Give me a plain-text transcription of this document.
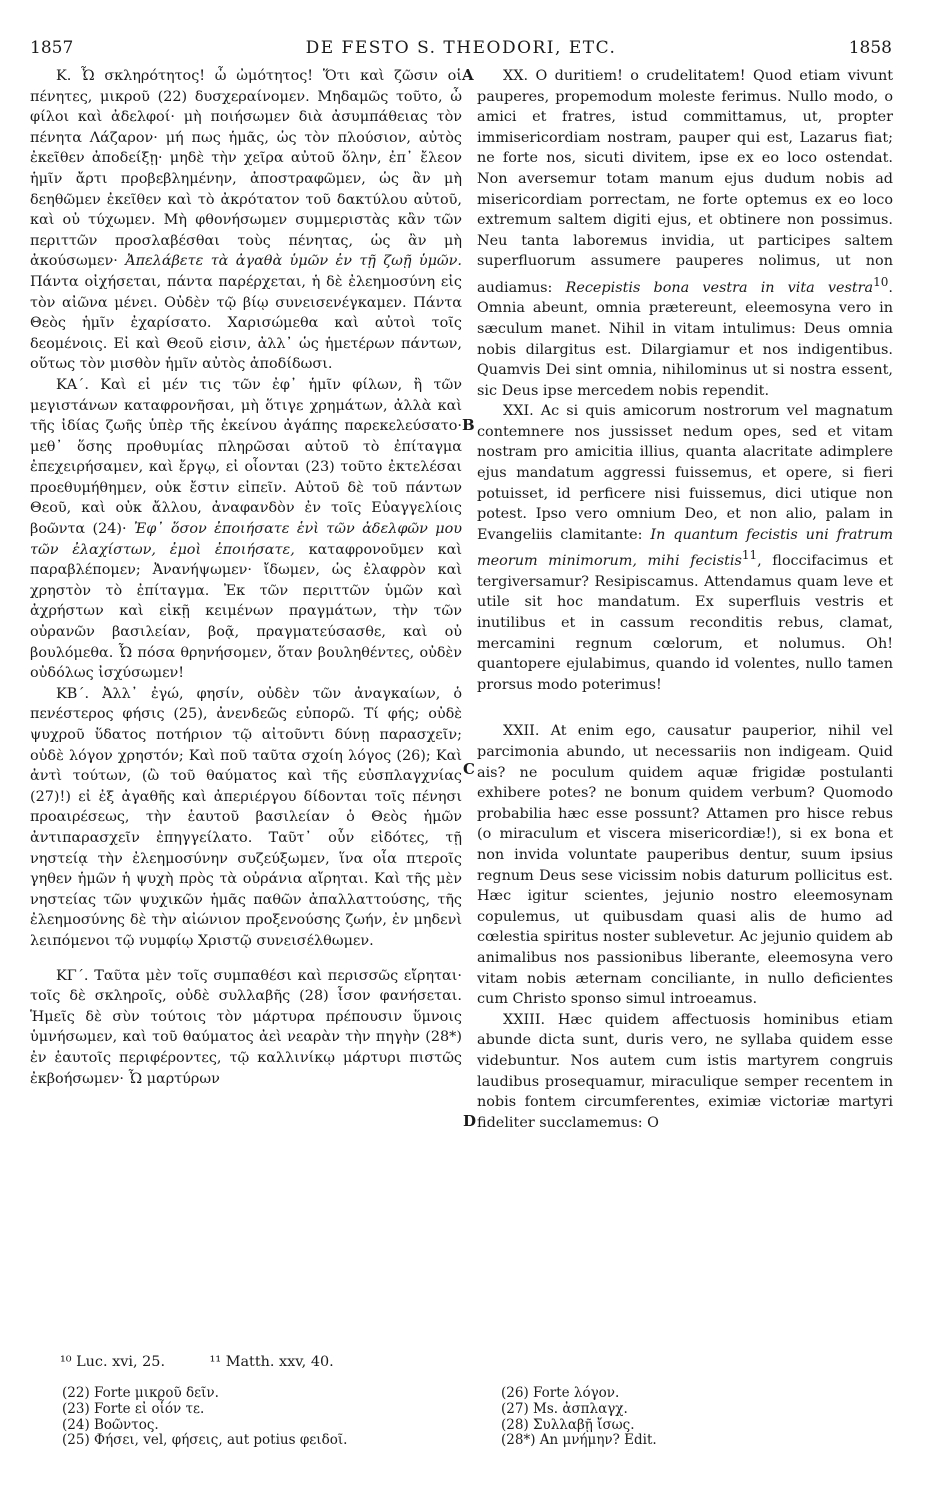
1857	DE FESTO S. THEODORI, ETC.	1858

K. Ὦ σκληρότητος! ὦ ὠμότητος! Ὅτι καὶ ζῶσιν οἱ πένητες, μικροῦ (22) δυσχεραίνομεν. Μηδαμῶς τοῦτο, ὦ φίλοι καὶ ἀδελφοί· μὴ ποιήσωμεν διὰ ἀσυμπάθειας τὸν πένητα Λάζαρον· μή πως ἡμᾶς, ὡς τὸν πλούσιον, αὐτὸς ἐκεῖθεν ἀποδείξῃ· μηδὲ τὴν χεῖρα αὐτοῦ ὅλην, ἐπ᾿ ἔλεον ἡμῖν ἄρτι προβεβλημένην, ἀποστραφῶμεν, ὡς ἂν μὴ δεηθῶμεν ἐκεῖθεν καὶ τὸ ἀκρότατον τοῦ δακτύλου αὐτοῦ, καὶ οὐ τύχωμεν. Μὴ φθονήσωμεν συμμεριστὰς κἂν τῶν περιττῶν προσλαβέσθαι τοὺς πένητας, ὡς ἂν μὴ ἀκούσωμεν· Ἀπελάβετε τὰ ἀγαθὰ ὑμῶν ἐν τῇ ζωῇ ὑμῶν. Πάντα οἰχήσεται, πάντα παρέρχεται, ἡ δὲ ἐλεημοσύνη εἰς τὸν αἰῶνα μένει. Οὐδὲν τῷ βίῳ συνεισενέγκαμεν. Πάντα Θεὸς ἡμῖν ἐχαρίσατο. Χαρισώμεθα καὶ αὐτοὶ τοῖς δεομένοις. Εἰ καὶ Θεοῦ εἰσιν, ἀλλ᾿ ὡς ἡμετέρων πάντων, οὕτως τὸν μισθὸν ἡμῖν αὐτὸς ἀποδίδωσι.

ΚΑ΄. Καὶ εἰ μέν τις τῶν ἐφ᾿ ἡμῖν φίλων, ἢ τῶν μεγιστάνων καταφρονῆσαι, μὴ ὅτιγε χρημάτων, ἀλλὰ καὶ τῆς ἰδίας ζωῆς ὑπὲρ τῆς ἐκείνου ἀγάπης παρεκελεύσατο· μεθ᾿ ὅσης προθυμίας πληρῶσαι αὐτοῦ τὸ ἐπίταγμα ἐπεχειρήσαμεν, καὶ ἔργῳ, εἰ οἷονται (23) τοῦτο ἐκτελέσαι προεθυμήθημεν, οὐκ ἔστιν εἰπεῖν. Αὐτοῦ δὲ τοῦ πάντων Θεοῦ, καὶ οὐκ ἄλλου, ἀναφανδὸν ἐν τοῖς Εὐαγγελίοις βοῶντα (24)· Ἐφ᾿ ὅσον ἐποιήσατε ἑνὶ τῶν ἀδελφῶν μου τῶν ἐλαχίστων, ἐμοὶ ἐποιήσατε, καταφρονοῦμεν καὶ παραβλέπομεν; Ἀνανήψωμεν· ἴδωμεν, ὡς ἐλαφρὸν καὶ χρηστὸν τὸ ἐπίταγμα. Ἐκ τῶν περιττῶν ὑμῶν καὶ ἀχρήστων καὶ εἰκῇ κειμένων πραγμάτων, τὴν τῶν οὐρανῶν βασιλείαν, βοᾷ, πραγματεύσασθε, καὶ οὐ βουλόμεθα. Ὦ πόσα θρηνήσομεν, ὅταν βουληθέντες, οὐδὲν οὐδόλως ἰσχύσωμεν!

ΚΒ΄. Ἀλλ᾿ ἐγώ, φησίν, οὐδὲν τῶν ἀναγκαίων, ὁ πενέστερος φήσις (25), ἀνενδεῶς εὐπορῶ. Τί φής; οὐδὲ ψυχροῦ ὕδατος ποτήριον τῷ αἰτοῦντι δύνῃ παρασχεῖν; οὐδὲ λόγον χρηστόν; Καὶ ποῦ ταῦτα σχοίη λόγος (26); Καὶ ἀντὶ τούτων, (ὢ τοῦ θαύματος καὶ τῆς εὐσπλαγχνίας (27)!) εἰ ἐξ ἀγαθῆς καὶ ἀπεριέργου δίδονται τοῖς πένησι προαιρέσεως, τὴν ἑαυτοῦ βασιλείαν ὁ Θεὸς ἡμῶν ἀντιπαρασχεῖν ἐπηγγείλατο. Ταῦτ᾿ οὖν εἰδότες, τῇ νηστείᾳ τὴν ἐλεημοσύνην συζεύξωμεν, ἵνα οἷα πτεροῖς γηθεν ἡμῶν ἡ ψυχὴ πρὸς τὰ οὐράνια αἴρηται. Καὶ τῆς μὲν νηστείας τῶν ψυχικῶν ἡμᾶς παθῶν ἀπαλλαττούσης, τῆς ἐλεημοσύνης δὲ τὴν αἰώνιον προξενούσης ζωήν, ἐν μηδενὶ λειπόμενοι τῷ νυμφίῳ Χριστῷ συνεισέλθωμεν.

ΚΓ΄. Ταῦτα μὲν τοῖς συμπαθέσι καὶ περισσῶς εἴρηται· τοῖς δὲ σκληροῖς, οὐδὲ συλλαβῆς (28) ἶσον φανήσεται. Ἡμεῖς δὲ σὺν τούτοις τὸν μάρτυρα πρέπουσιν ὕμνοις ὑμνήσωμεν, καὶ τοῦ θαύματος ἀεὶ νεαρὰν τὴν πηγὴν (28*) ἐν ἑαυτοῖς περιφέροντες, τῷ καλλινίκῳ μάρτυρι πιστῶς ἐκβοήσωμεν· Ὦ μαρτύρων

A
B
C
D

XX. O duritiem! o crudelitatem! Quod etiam vivunt pauperes, propemodum moleste ferimus. Nullo modo, o amici et fratres, istud committamus, ut, propter immisericordiam nostram, pauper qui est, Lazarus fiat; ne forte nos, sicuti divitem, ipse ex eo loco ostendat. Non aversemur totam manum ejus dudum nobis ad misericordiam porrectam, ne forte optemus ex eo loco extremum saltem digiti ejus, et obtinere non possimus. Neu tanta laborемus invidia, ut participes saltem superfluorum assumere pauperes nolimus, ut non audiamus: Recepistis bona vestra in vita vestra$^{10}$. Omnia abeunt, omnia prætereunt, eleemosyna vero in sæculum manet. Nihil in vitam intulimus: Deus omnia nobis dilargitus est. Dilargiamur et nos indigentibus. Quamvis Dei sint omnia, nihilominus ut si nostra essent, sic Deus ipse mercedem nobis rependit.

XXI. Ac si quis amicorum nostrorum vel magnatum contemnere nos jussisset nedum opes, sed et vitam nostram pro amicitia illius, quanta alacritate adimplere ejus mandatum aggressi fuissemus, et opere, si fieri potuisset, id perficere nisi fuissemus, dici utique non potest. Ipso vero omnium Deo, et non alio, palam in Evangeliis clamitante: In quantum fecistis uni fratrum meorum minimorum, mihi fecistis$^{11}$, floccifacimus et tergiversamur? Resipiscamus. Attendamus quam leve et utile sit hoc mandatum. Ex superfluis vestris et inutilibus et in cassum reconditis rebus, clamat, mercamini regnum cœlorum, et nolumus. Oh! quantopere ejulabimus, quando id volentes, nullo tamen prorsus modo poterimus!

XXII. At enim ego, causatur pauperior, nihil vel parcimonia abundo, ut necessariis non indigeam. Quid ais? ne poculum quidem aquæ frigidæ postulanti exhibere potes? ne bonum quidem verbum? Quomodo probabilia hæc esse possunt? Attamen pro hisce rebus (o miraculum et viscera misericordiæ!), si ex bona et non invida voluntate pauperibus dentur, suum ipsius regnum Deus sese vicissim nobis daturum pollicitus est. Hæc igitur scientes, jejunio nostro eleemosynam copulemus, ut quibusdam quasi alis de humo ad cœlestia spiritus noster sublevetur. Ac jejunio quidem ab animalibus nos passionibus liberante, eleemosyna vero vitam nobis æternam conciliante, in nullo deficientes cum Christo sponso simul introeamus.

XXIII. Hæc quidem affectuosis hominibus etiam abunde dicta sunt, duris vero, ne syllaba quidem esse videbuntur. Nos autem cum istis martyrem congruis laudibus prosequamur, miraculique semper recentem in nobis fontem circumferentes, eximiæ victoriæ martyri fideliter succlamemus: O

¹⁰ Luc. xvi, 25.	¹¹ Matth. xxv, 40.
(22) Forte μικροῦ δεῖν.
(23) Forte εἰ οἷόν τε.
(24) Βοῶντος.
(25) Φήσει, vel, φήσεις, aut potius φειδοῖ.
(26) Forte λόγον.
(27) Ms. ἀσπλαγχ.
(28) Συλλαβῇ ἴσως.
(28*) An μνήμην? Edit.
